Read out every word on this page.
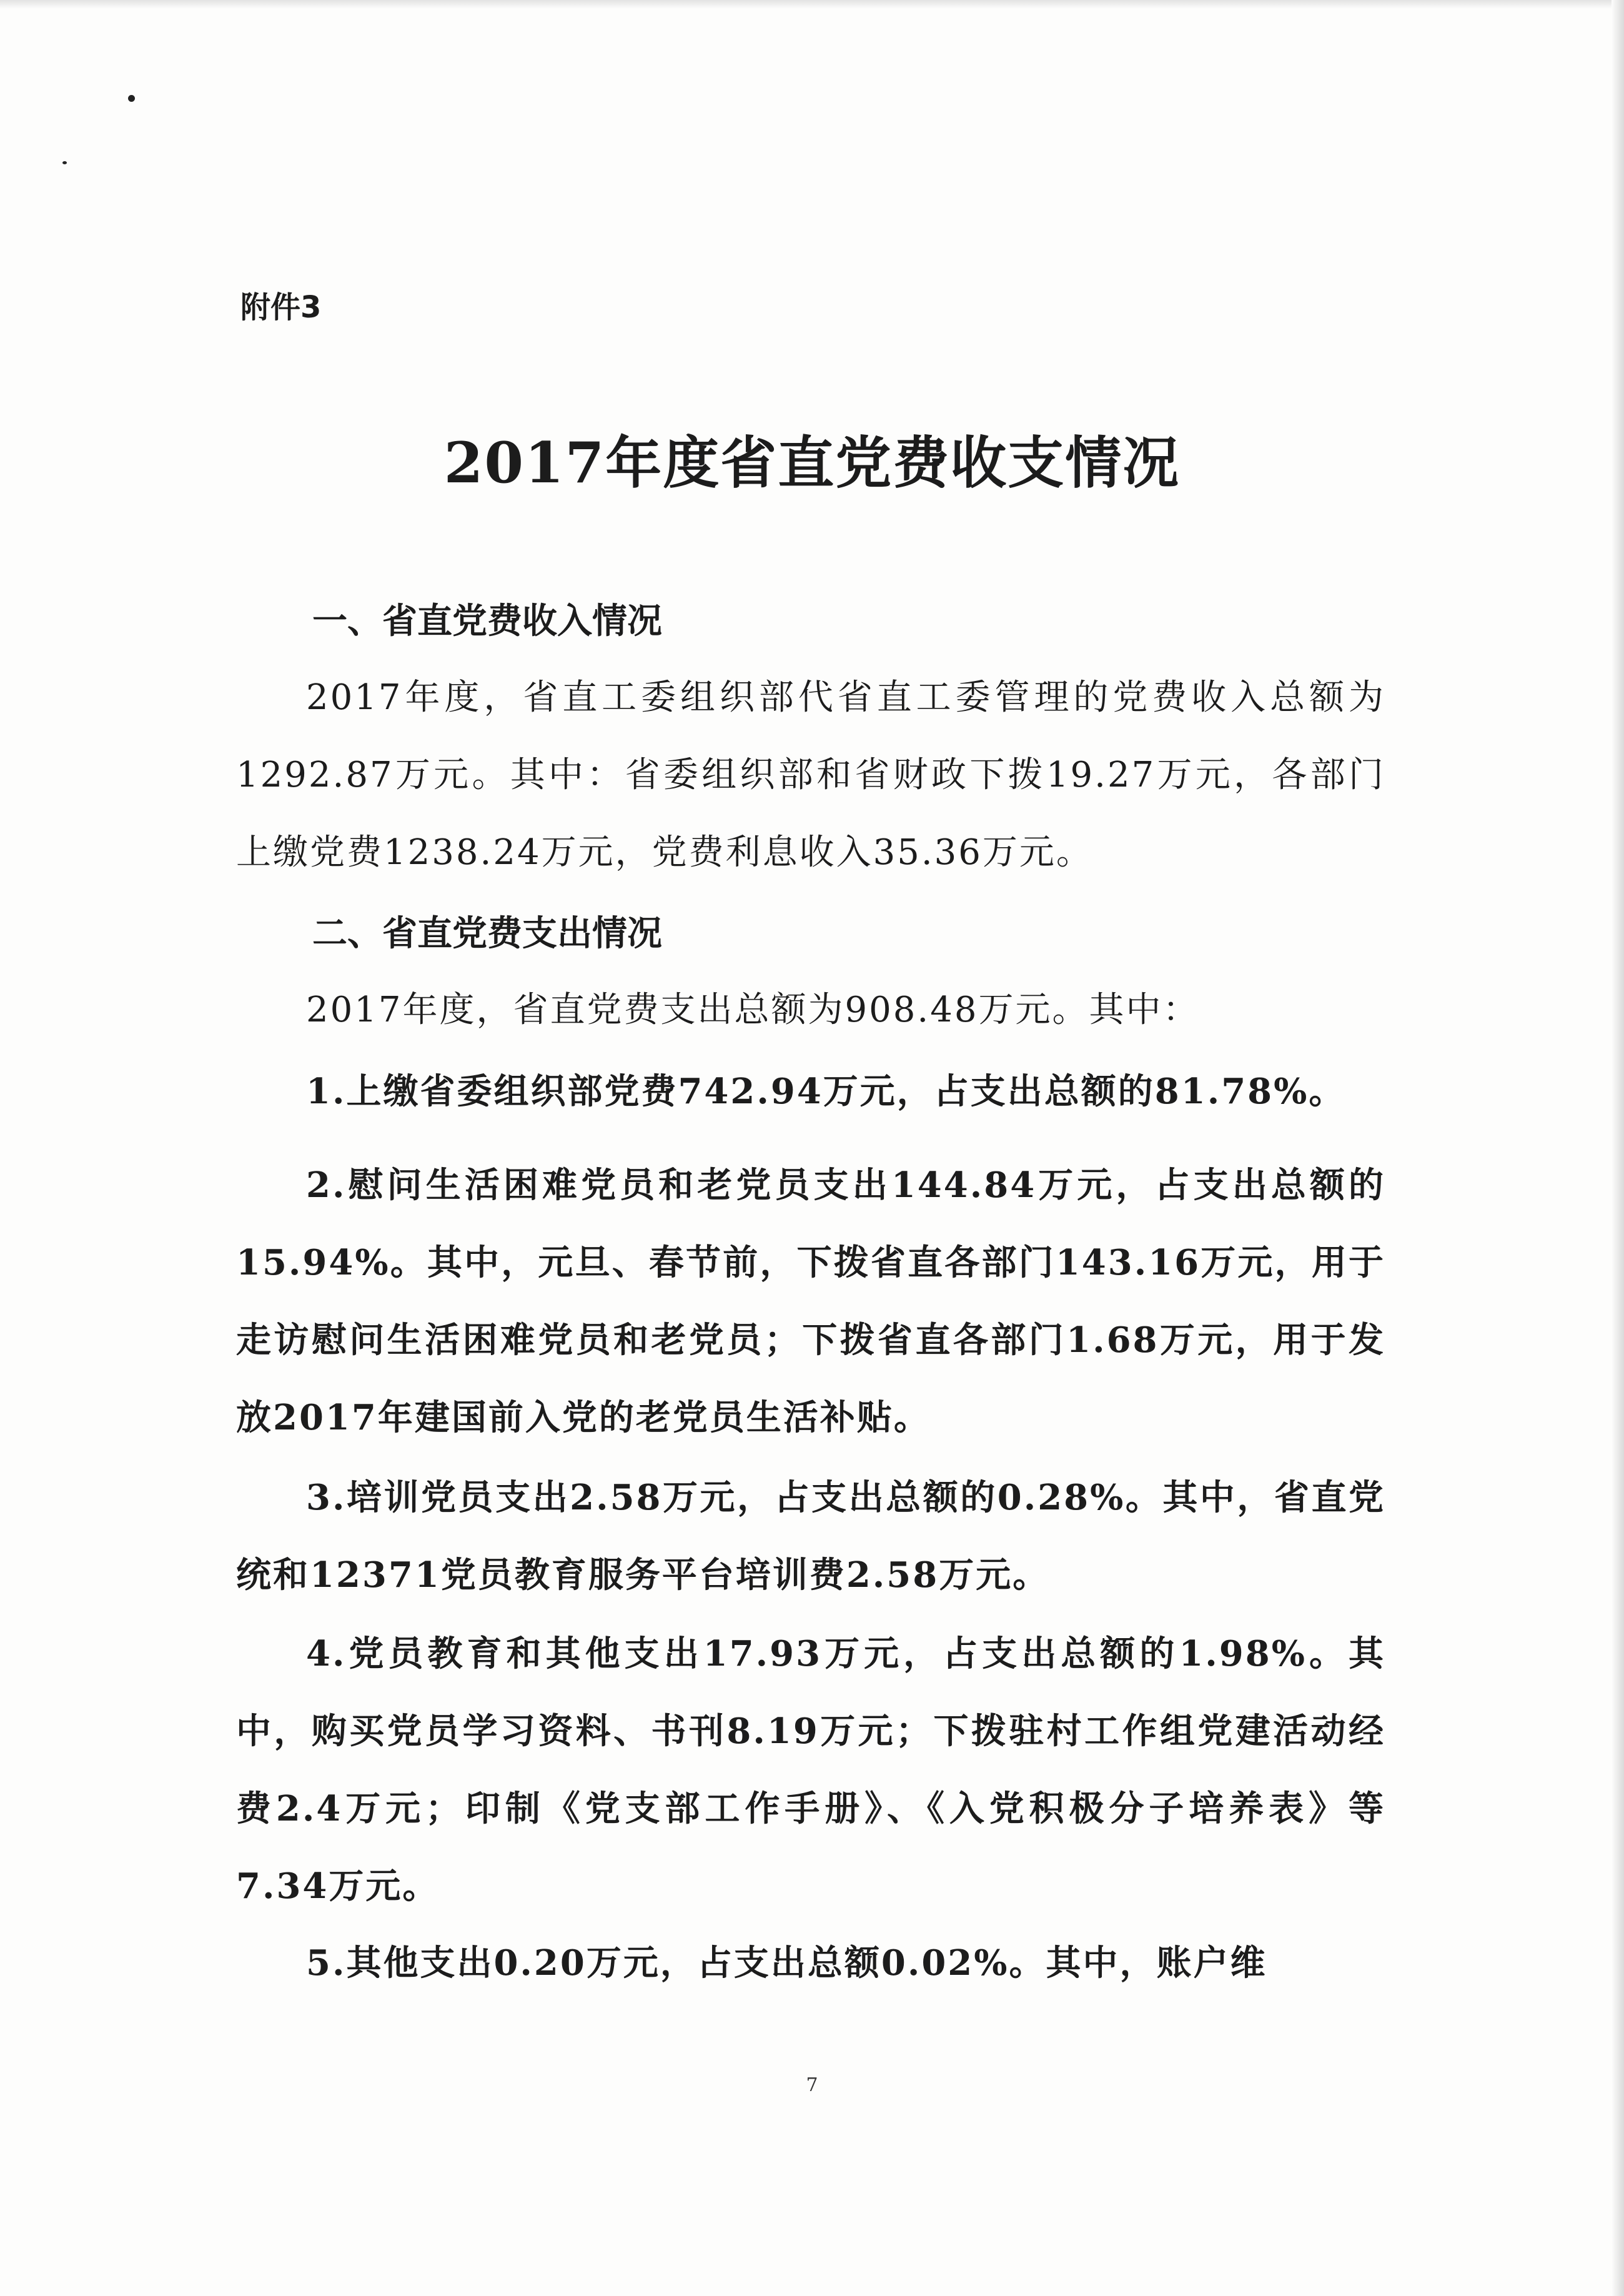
附件3
2017年度省直党费收支情况
一、省直党费收入情况
2017年度，省直工委组织部代省直工委管理的党费收入总额为1292.87万元。其中：省委组织部和省财政下拨19.27万元，各部门上缴党费1238.24万元，党费利息收入35.36万元。
二、省直党费支出情况
2017年度，省直党费支出总额为908.48万元。其中：
1.上缴省委组织部党费742.94万元，占支出总额的81.78%。
2.慰问生活困难党员和老党员支出144.84万元，占支出总额的15.94%。其中，元旦、春节前，下拨省直各部门143.16万元，用于走访慰问生活困难党员和老党员；下拨省直各部门1.68万元，用于发放2017年建国前入党的老党员生活补贴。
3.培训党员支出2.58万元，占支出总额的0.28%。其中，省直党统和12371党员教育服务平台培训费2.58万元。
4.党员教育和其他支出17.93万元，占支出总额的1.98%。其中，购买党员学习资料、书刊8.19万元；下拨驻村工作组党建活动经费2.4万元；印制《党支部工作手册》、《入党积极分子培养表》等7.34万元。
5.其他支出0.20万元，占支出总额0.02%。其中，账户维
7
